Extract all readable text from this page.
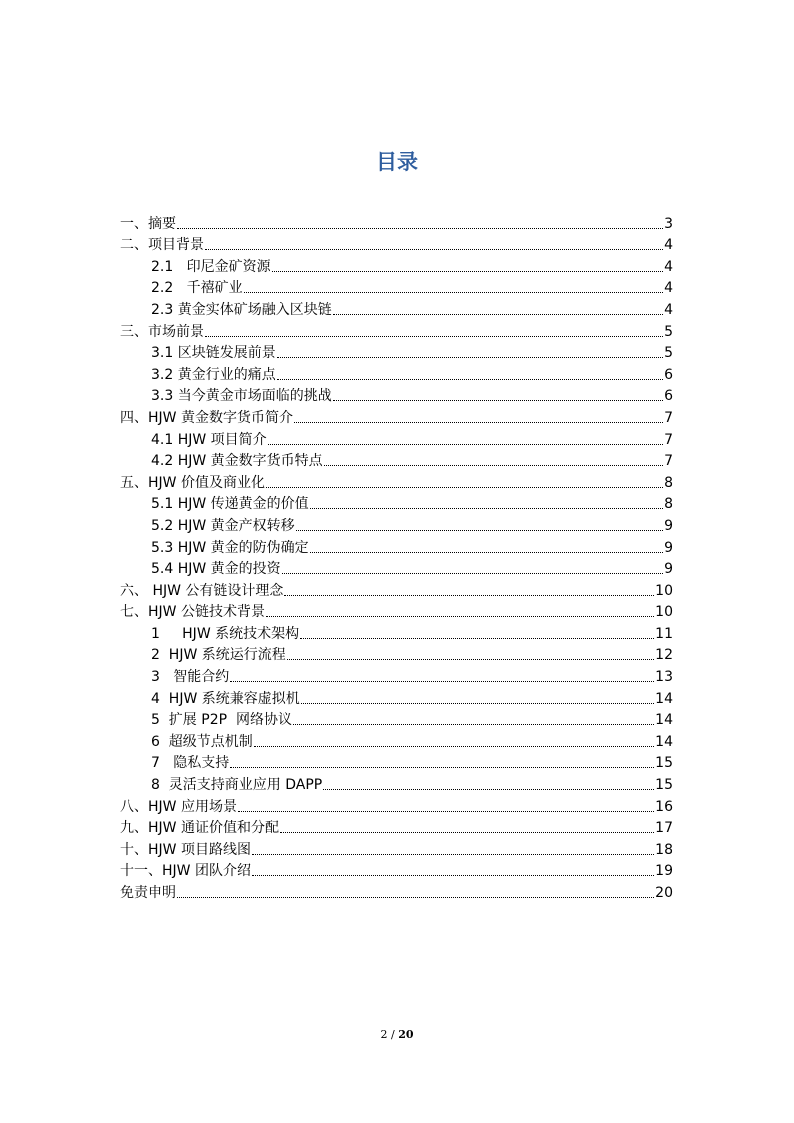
目录
一、摘要	3
二、项目背景	4
2.1   印尼金矿资源	4
2.2   千禧矿业	4
2.3 黄金实体矿场融入区块链	4
三、市场前景	5
3.1 区块链发展前景	5
3.2 黄金行业的痛点	6
3.3 当今黄金市场面临的挑战	6
四、HJW 黄金数字货币简介	7
4.1 HJW 项目简介	7
4.2 HJW 黄金数字货币特点	7
五、HJW 价值及商业化	8
5.1 HJW 传递黄金的价值	8
5.2 HJW 黄金产权转移	9
5.3 HJW 黄金的防伪确定	9
5.4 HJW 黄金的投资	9
六、 HJW 公有链设计理念	10
七、HJW 公链技术背景	10
1     HJW 系统技术架构	11
2  HJW 系统运行流程	12
3   智能合约	13
4  HJW 系统兼容虚拟机	14
5  扩展 P2P  网络协议	14
6  超级节点机制	14
7   隐私支持	15
8  灵活支持商业应用 DAPP	15
八、HJW 应用场景	16
九、HJW 通证价值和分配	17
十、HJW 项目路线图	18
十一、HJW 团队介绍	19
免责申明	20
2 / 20
